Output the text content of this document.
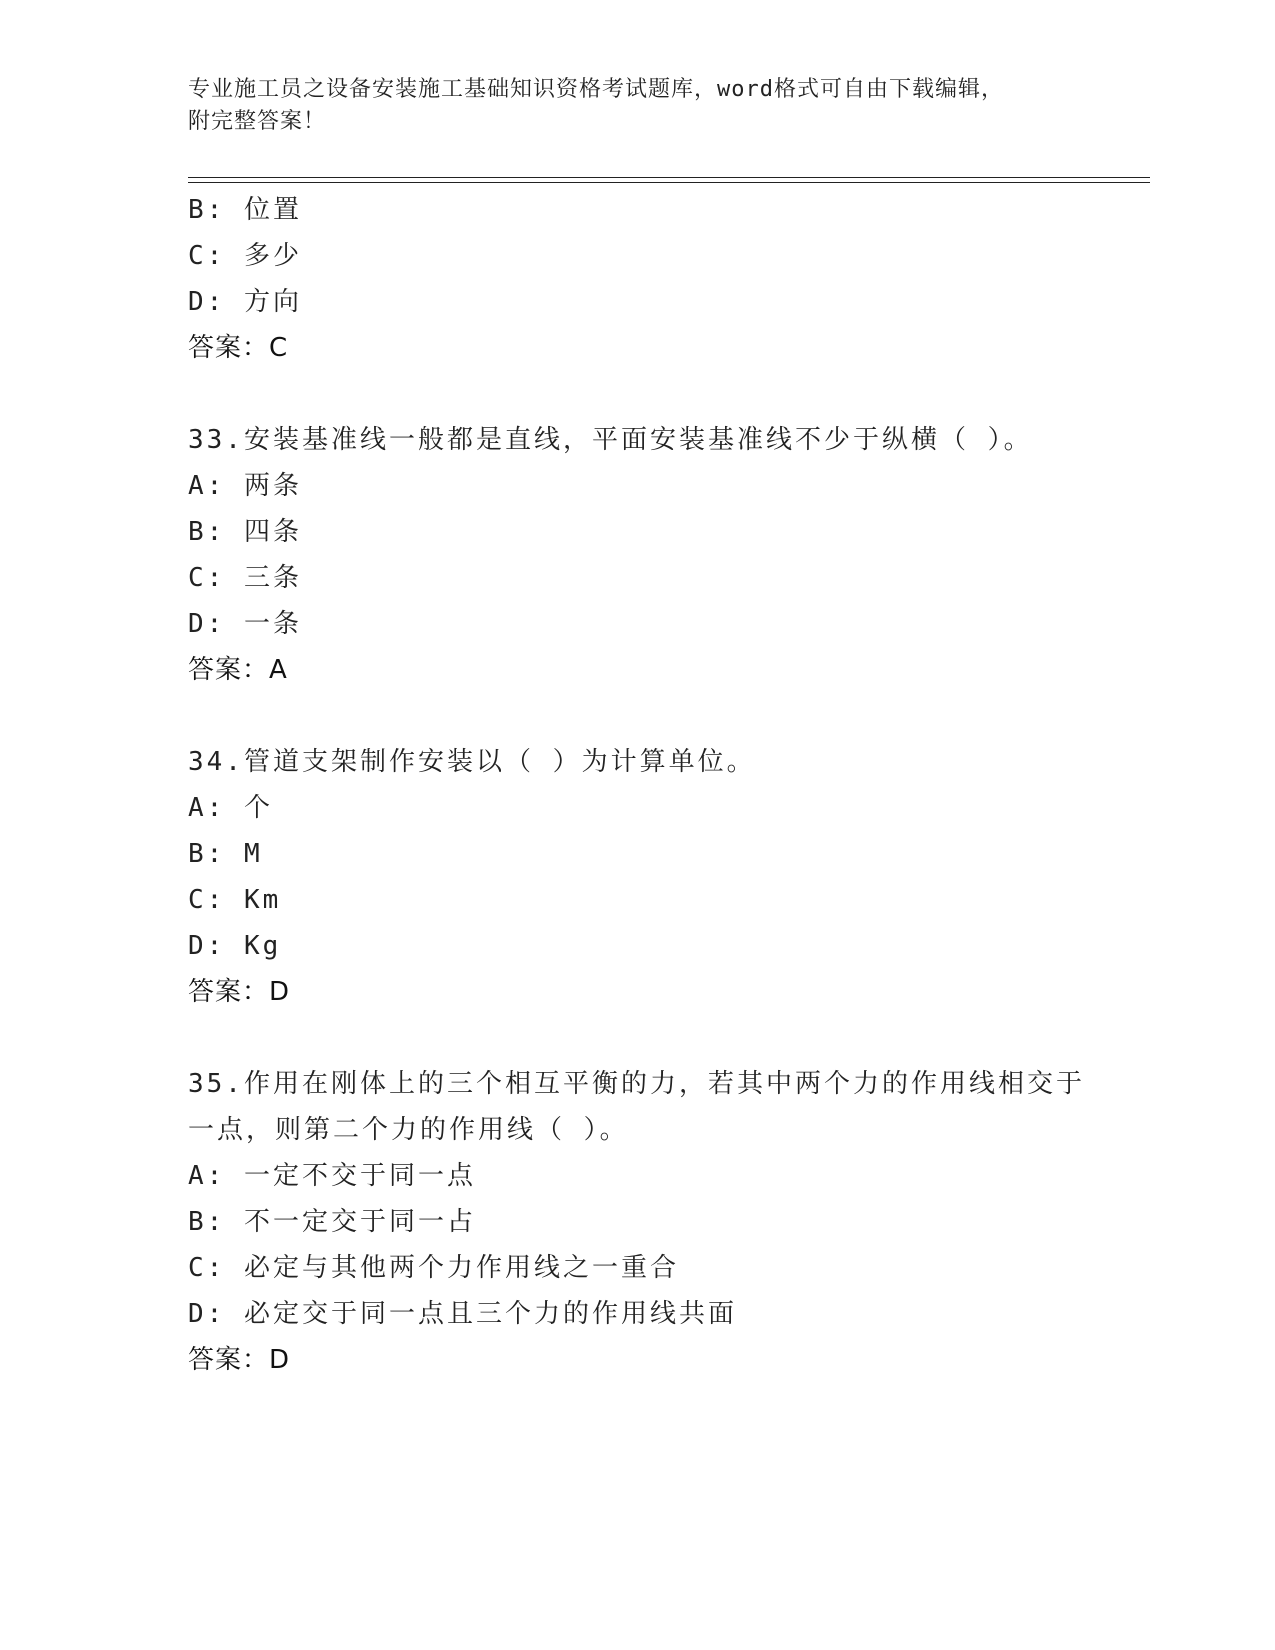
专业施工员之设备安装施工基础知识资格考试题库，word格式可自由下载编辑，
附完整答案！
B: 位置
C: 多少
D: 方向
答案：C
33.安装基准线一般都是直线，平面安装基准线不少于纵横（ ）。
A: 两条
B: 四条
C: 三条
D: 一条
答案：A
34.管道支架制作安装以（ ）为计算单位。
A: 个
B: M
C: Km
D: Kg
答案：D
35.作用在刚体上的三个相互平衡的力，若其中两个力的作用线相交于
一点，则第二个力的作用线（ ）。
A: 一定不交于同一点
B: 不一定交于同一占
C: 必定与其他两个力作用线之一重合
D: 必定交于同一点且三个力的作用线共面
答案：D
